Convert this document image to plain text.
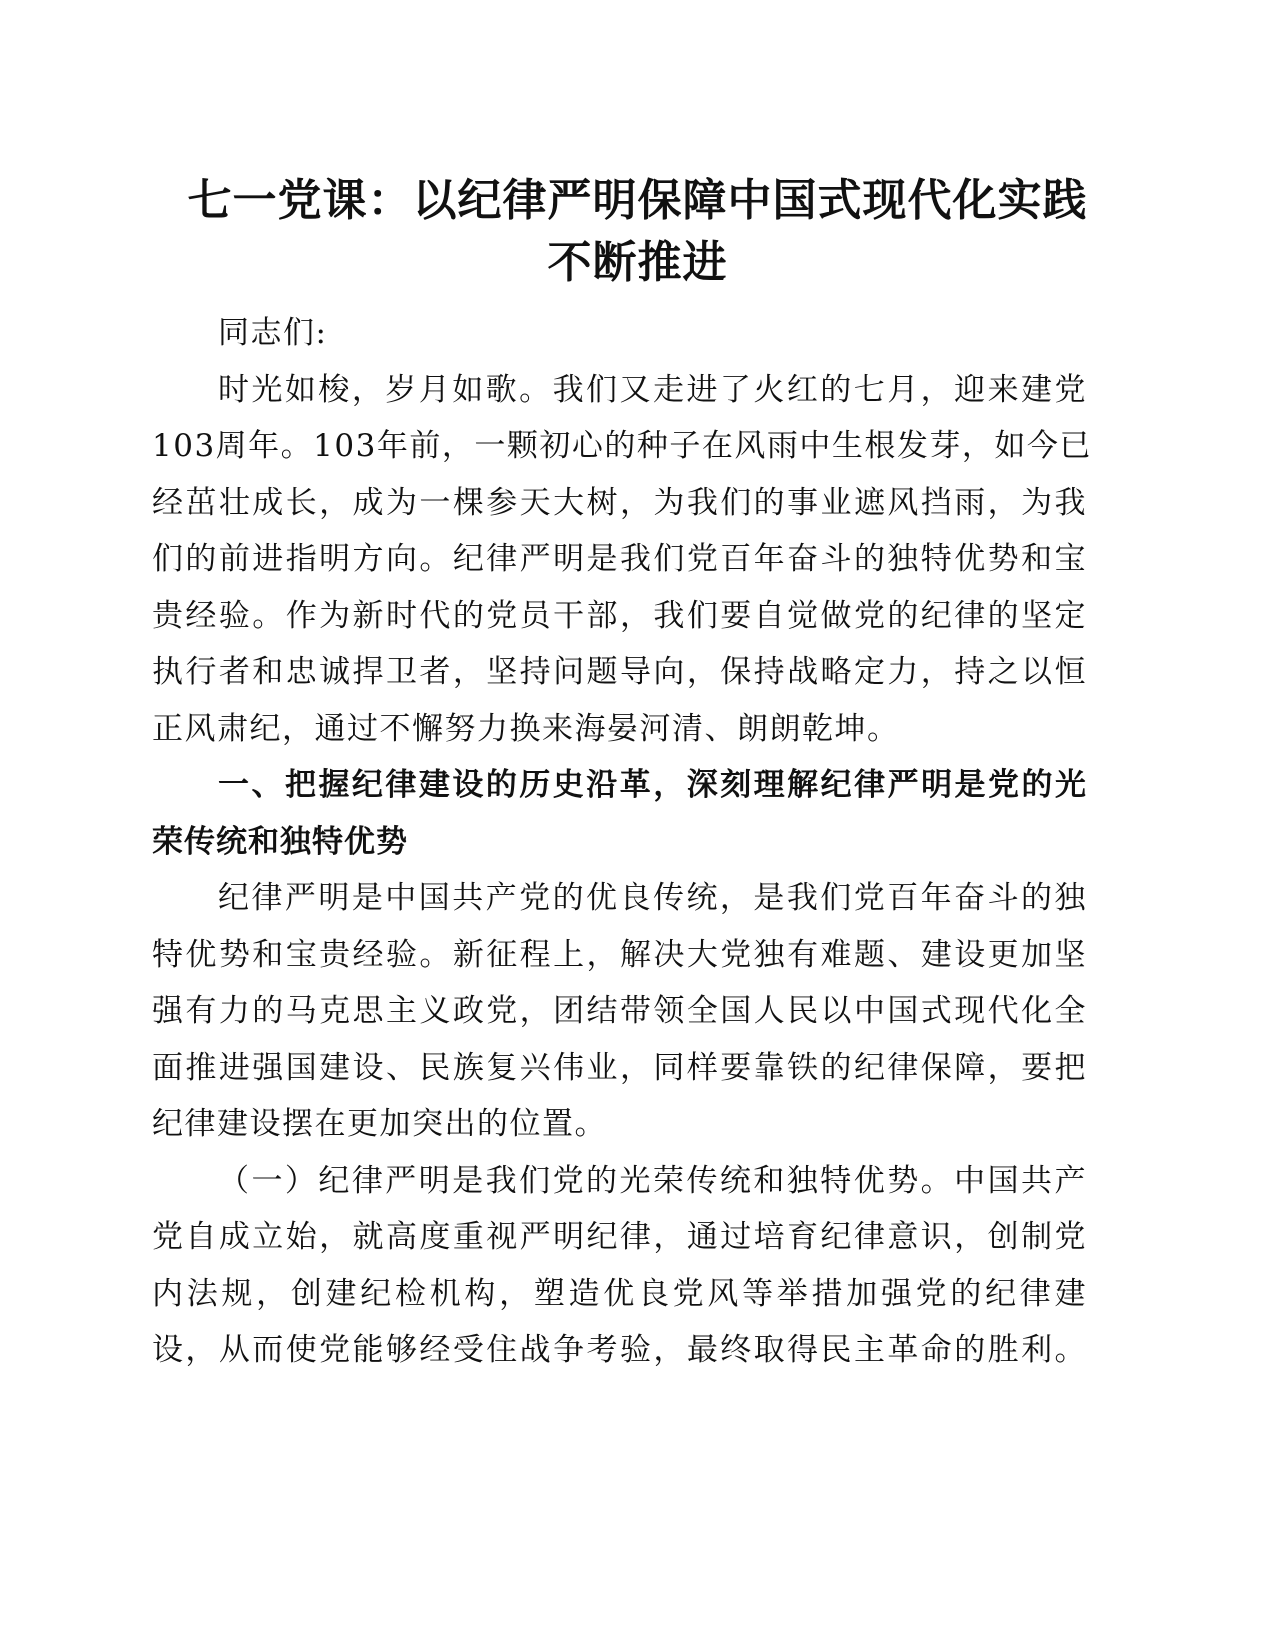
七一党课：以纪律严明保障中国式现代化实践
不断推进
同志们:
时光如梭，岁月如歌。我们又走进了火红的七月，迎来建党
103周年。103年前，一颗初心的种子在风雨中生根发芽，如今已
经茁壮成长，成为一棵参天大树，为我们的事业遮风挡雨，为我
们的前进指明方向。纪律严明是我们党百年奋斗的独特优势和宝
贵经验。作为新时代的党员干部，我们要自觉做党的纪律的坚定
执行者和忠诚捍卫者，坚持问题导向，保持战略定力，持之以恒
正风肃纪，通过不懈努力换来海晏河清、朗朗乾坤。
一、把握纪律建设的历史沿革，深刻理解纪律严明是党的光
荣传统和独特优势
纪律严明是中国共产党的优良传统，是我们党百年奋斗的独
特优势和宝贵经验。新征程上，解决大党独有难题、建设更加坚
强有力的马克思主义政党，团结带领全国人民以中国式现代化全
面推进强国建设、民族复兴伟业，同样要靠铁的纪律保障，要把
纪律建设摆在更加突出的位置。
（一）纪律严明是我们党的光荣传统和独特优势。中国共产
党自成立始，就高度重视严明纪律，通过培育纪律意识，创制党
内法规，创建纪检机构，塑造优良党风等举措加强党的纪律建
设，从而使党能够经受住战争考验，最终取得民主革命的胜利。
